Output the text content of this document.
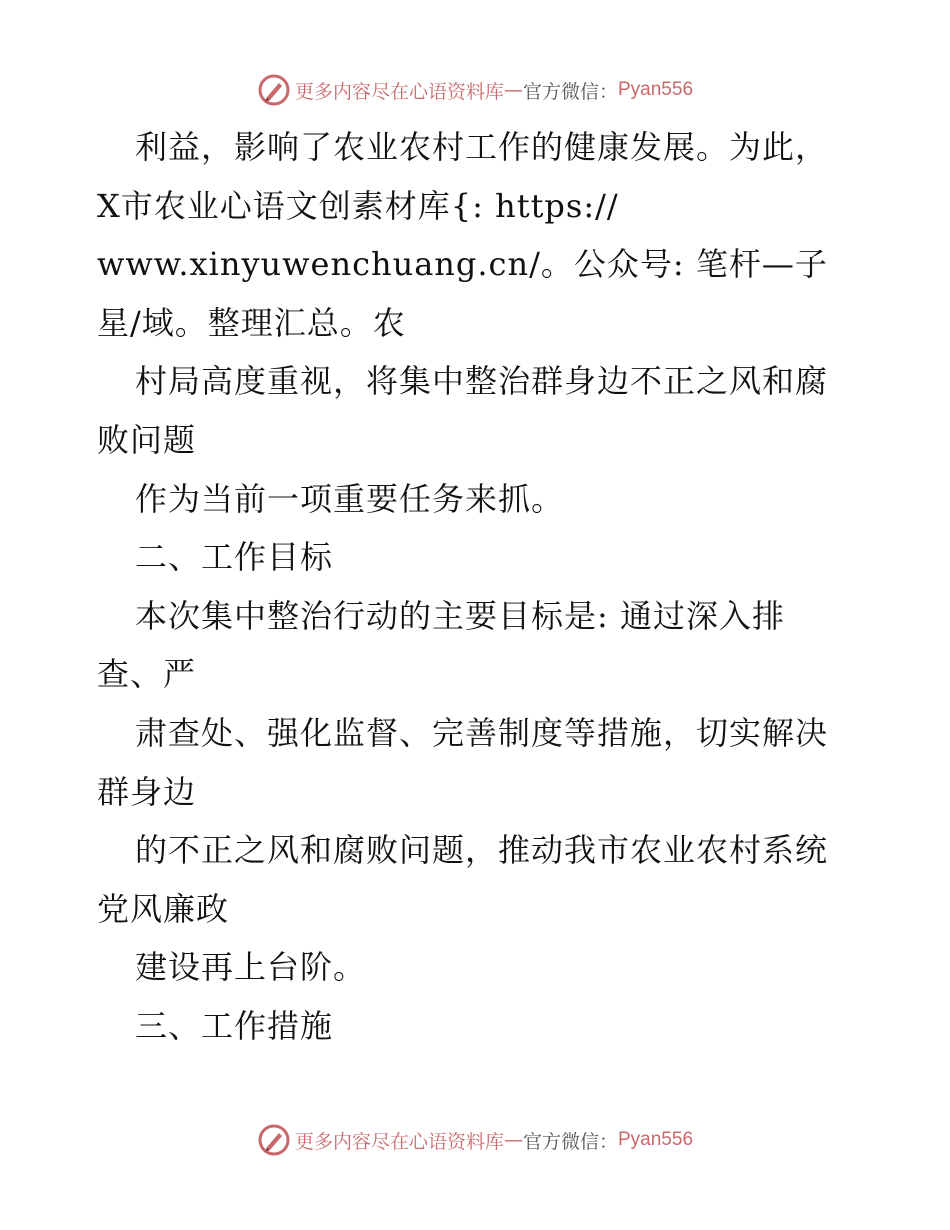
更多内容尽在心语资料库 — 官方微信： Pyan556

利益，影响了农业农村工作的健康发展。为此，

X市农业心语文创素材库{: https://

www.xinyuwenchuang.cn/。公众号: 笔杆—子

星/域。整理汇总。农

村局高度重视，将集中整治群身边不正之风和腐

败问题

作为当前一项重要任务来抓。

二、工作目标

本次集中整治行动的主要目标是: 通过深入排

查、严

肃查处、强化监督、完善制度等措施，切实解决

群身边

的不正之风和腐败问题，推动我市农业农村系统

党风廉政

建设再上台阶。

三、工作措施

更多内容尽在心语资料库 — 官方微信： Pyan556
